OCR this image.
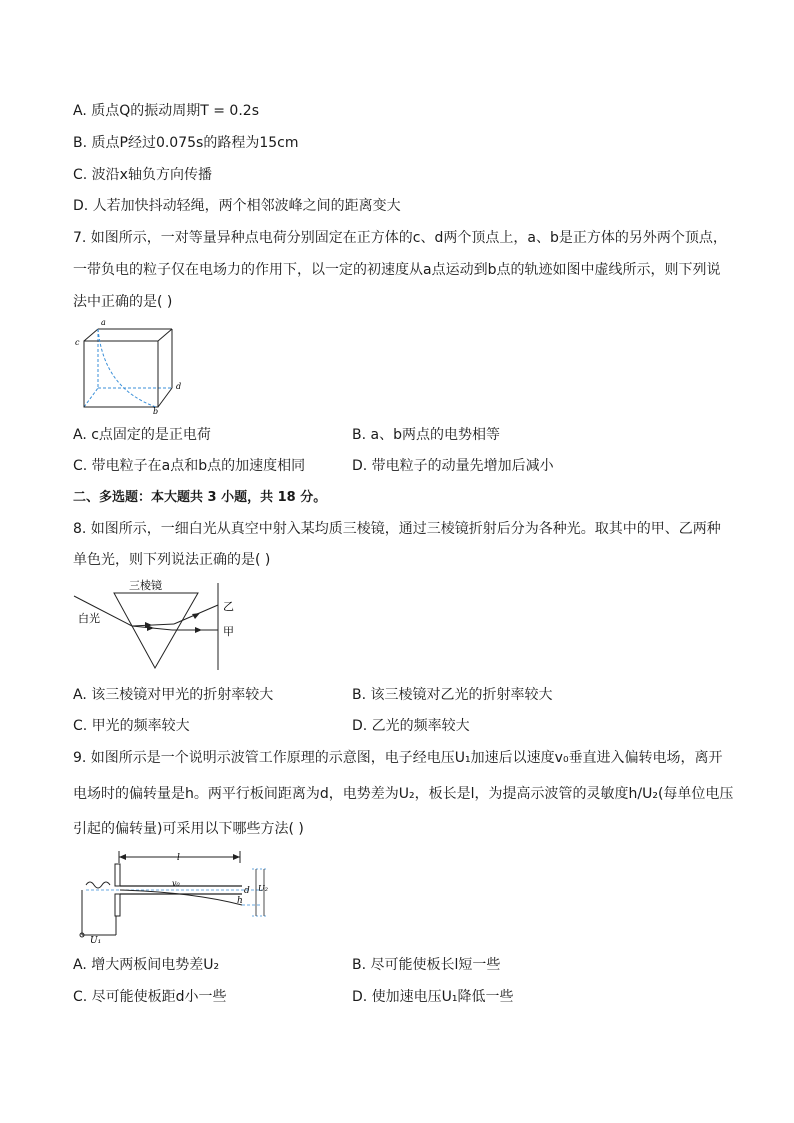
A. 质点Q的振动周期T = 0.2s
B. 质点P经过0.075s的路程为15cm
C. 波沿x轴负方向传播
D. 人若加快抖动轻绳，两个相邻波峰之间的距离变大
7. 如图所示，一对等量异种点电荷分别固定在正方体的c、d两个顶点上，a、b是正方体的另外两个顶点，
一带负电的粒子仅在电场力的作用下，以一定的初速度从a点运动到b点的轨迹如图中虚线所示，则下列说
法中正确的是( )
a
c
d
b
A. c点固定的是正电荷	B. a、b两点的电势相等
C. 带电粒子在a点和b点的加速度相同	D. 带电粒子的动量先增加后减小
二、多选题：本大题共 3 小题，共 18 分。
8. 如图所示，一细白光从真空中射入某均质三棱镜，通过三棱镜折射后分为各种光。取其中的甲、乙两种
单色光，则下列说法正确的是( )
三棱镜
白光
乙
甲
A. 该三棱镜对甲光的折射率较大	B. 该三棱镜对乙光的折射率较大
C. 甲光的频率较大	D. 乙光的频率较大
9. 如图所示是一个说明示波管工作原理的示意图，电子经电压U₁加速后以速度v₀垂直进入偏转电场，离开
电场时的偏转量是h。两平行板间距离为d，电势差为U₂，板长是l，为提高示波管的灵敏度h/U₂(每单位电压
引起的偏转量)可采用以下哪些方法( )
l
U₁
v₀
d U₂
h
A. 增大两板间电势差U₂	B. 尽可能使板长l短一些
C. 尽可能使板距d小一些	D. 使加速电压U₁降低一些
